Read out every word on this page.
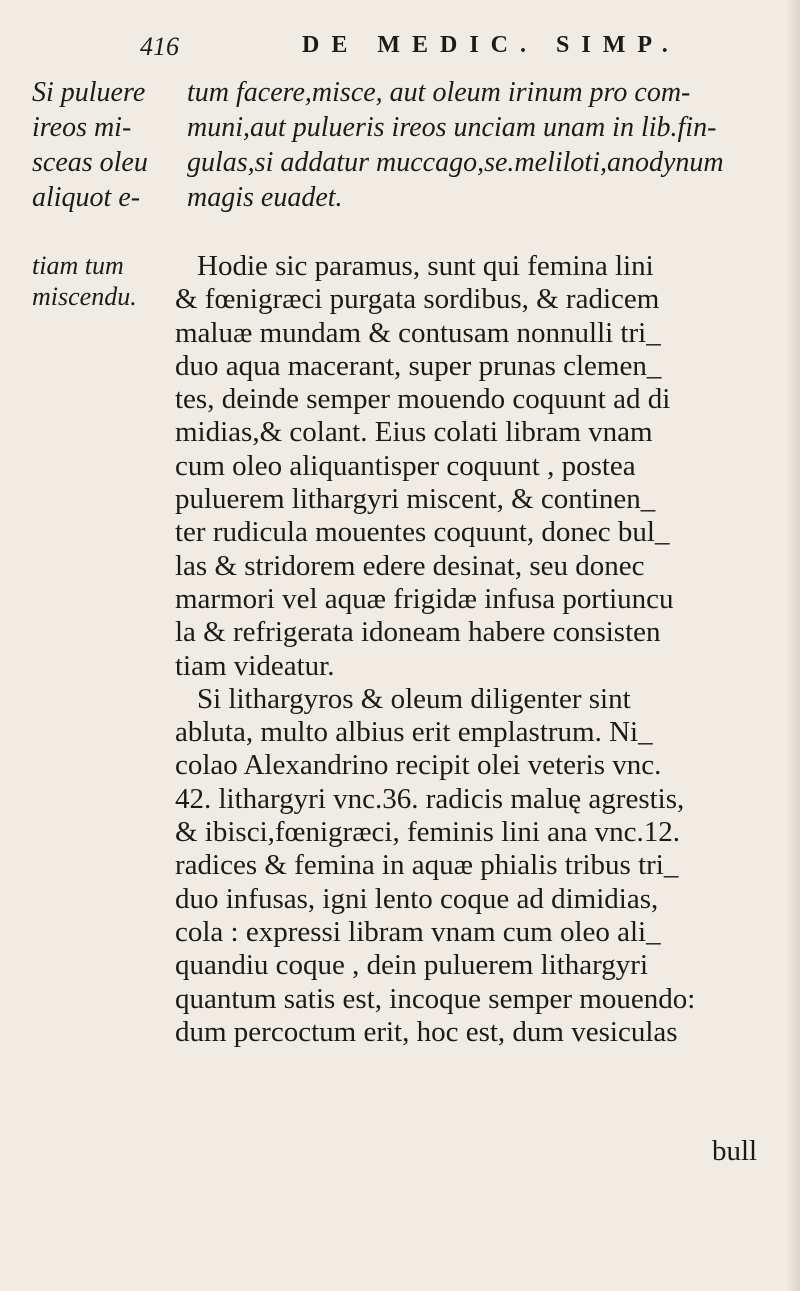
416	DE MEDIC. SIMP.
Si puluere tum facere,misce, aut oleum irinum pro com-
ireos mi- muni,aut pulueris ireos unciam unam in lib.fin-
sceas oleu gulas,si addatur muccago,se.meliloti,anodynum
aliquot e- magis euadet.
tiam tum
miscendu.
Hodie sic paramus, sunt qui femina lini
& fœnigræci purgata sordibus, & radicem
maluæ mundam & contusam nonnulli tri_
duo aqua macerant, super prunas clemen_
tes, deinde semper mouendo coquunt ad di
midias,& colant. Eius colati libram vnam
cum oleo aliquantisper coquunt , postea
puluerem lithargyri miscent, & continen_
ter rudicula mouentes coquunt, donec bul_
las & stridorem edere desinat, seu donec
marmori vel aquæ frigidæ infusa portiuncu
la & refrigerata idoneam habere consisten
tiam videatur.
Si lithargyros & oleum diligenter sint
abluta, multo albius erit emplastrum. Ni_
colao Alexandrino recipit olei veteris vnc.
42. lithargyri vnc.36. radicis maluę agrestis,
& ibisci,fœnigræci, feminis lini ana vnc.12.
radices & femina in aquæ phialis tribus tri_
duo infusas, igni lento coque ad dimidias,
cola : expressi libram vnam cum oleo ali_
quandiu coque , dein puluerem lithargyri
quantum satis est, incoque semper mouendo:
dum percoctum erit, hoc est, dum vesiculas
bull
